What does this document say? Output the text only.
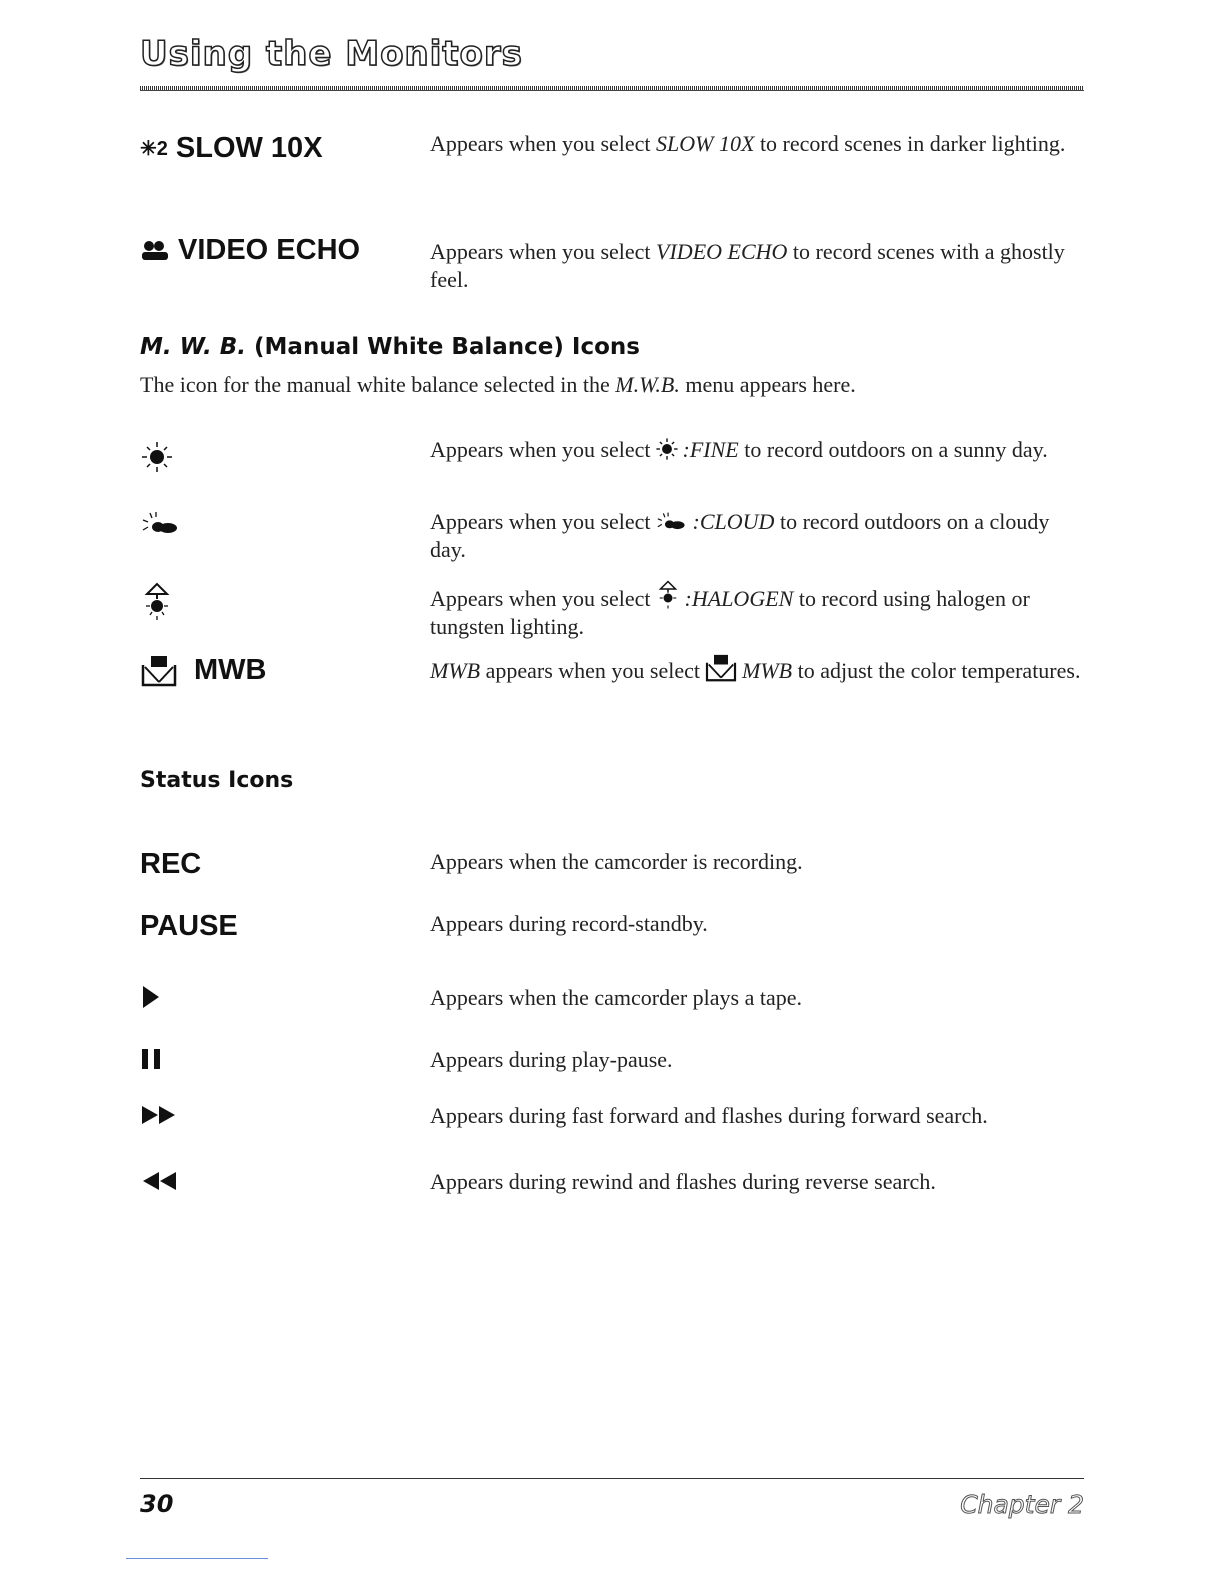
Using the Monitors
✳2 SLOW 10X	Appears when you select SLOW 10X to record scenes in darker lighting.
VIDEO ECHO	Appears when you select VIDEO ECHO to record scenes with a ghostly feel.
M. W. B. (Manual White Balance) Icons
The icon for the manual white balance selected in the M.W.B. menu appears here.
Appears when you select :FINE to record outdoors on a sunny day.
Appears when you select :CLOUD to record outdoors on a cloudy day.
Appears when you select :HALOGEN to record using halogen or tungsten lighting.
MWB	MWB appears when you select MWB to adjust the color temperatures.
Status Icons
REC	Appears when the camcorder is recording.
PAUSE	Appears during record-standby.
Appears when the camcorder plays a tape.
Appears during play-pause.
Appears during fast forward and flashes during forward search.
Appears during rewind and flashes during reverse search.
30	Chapter 2
